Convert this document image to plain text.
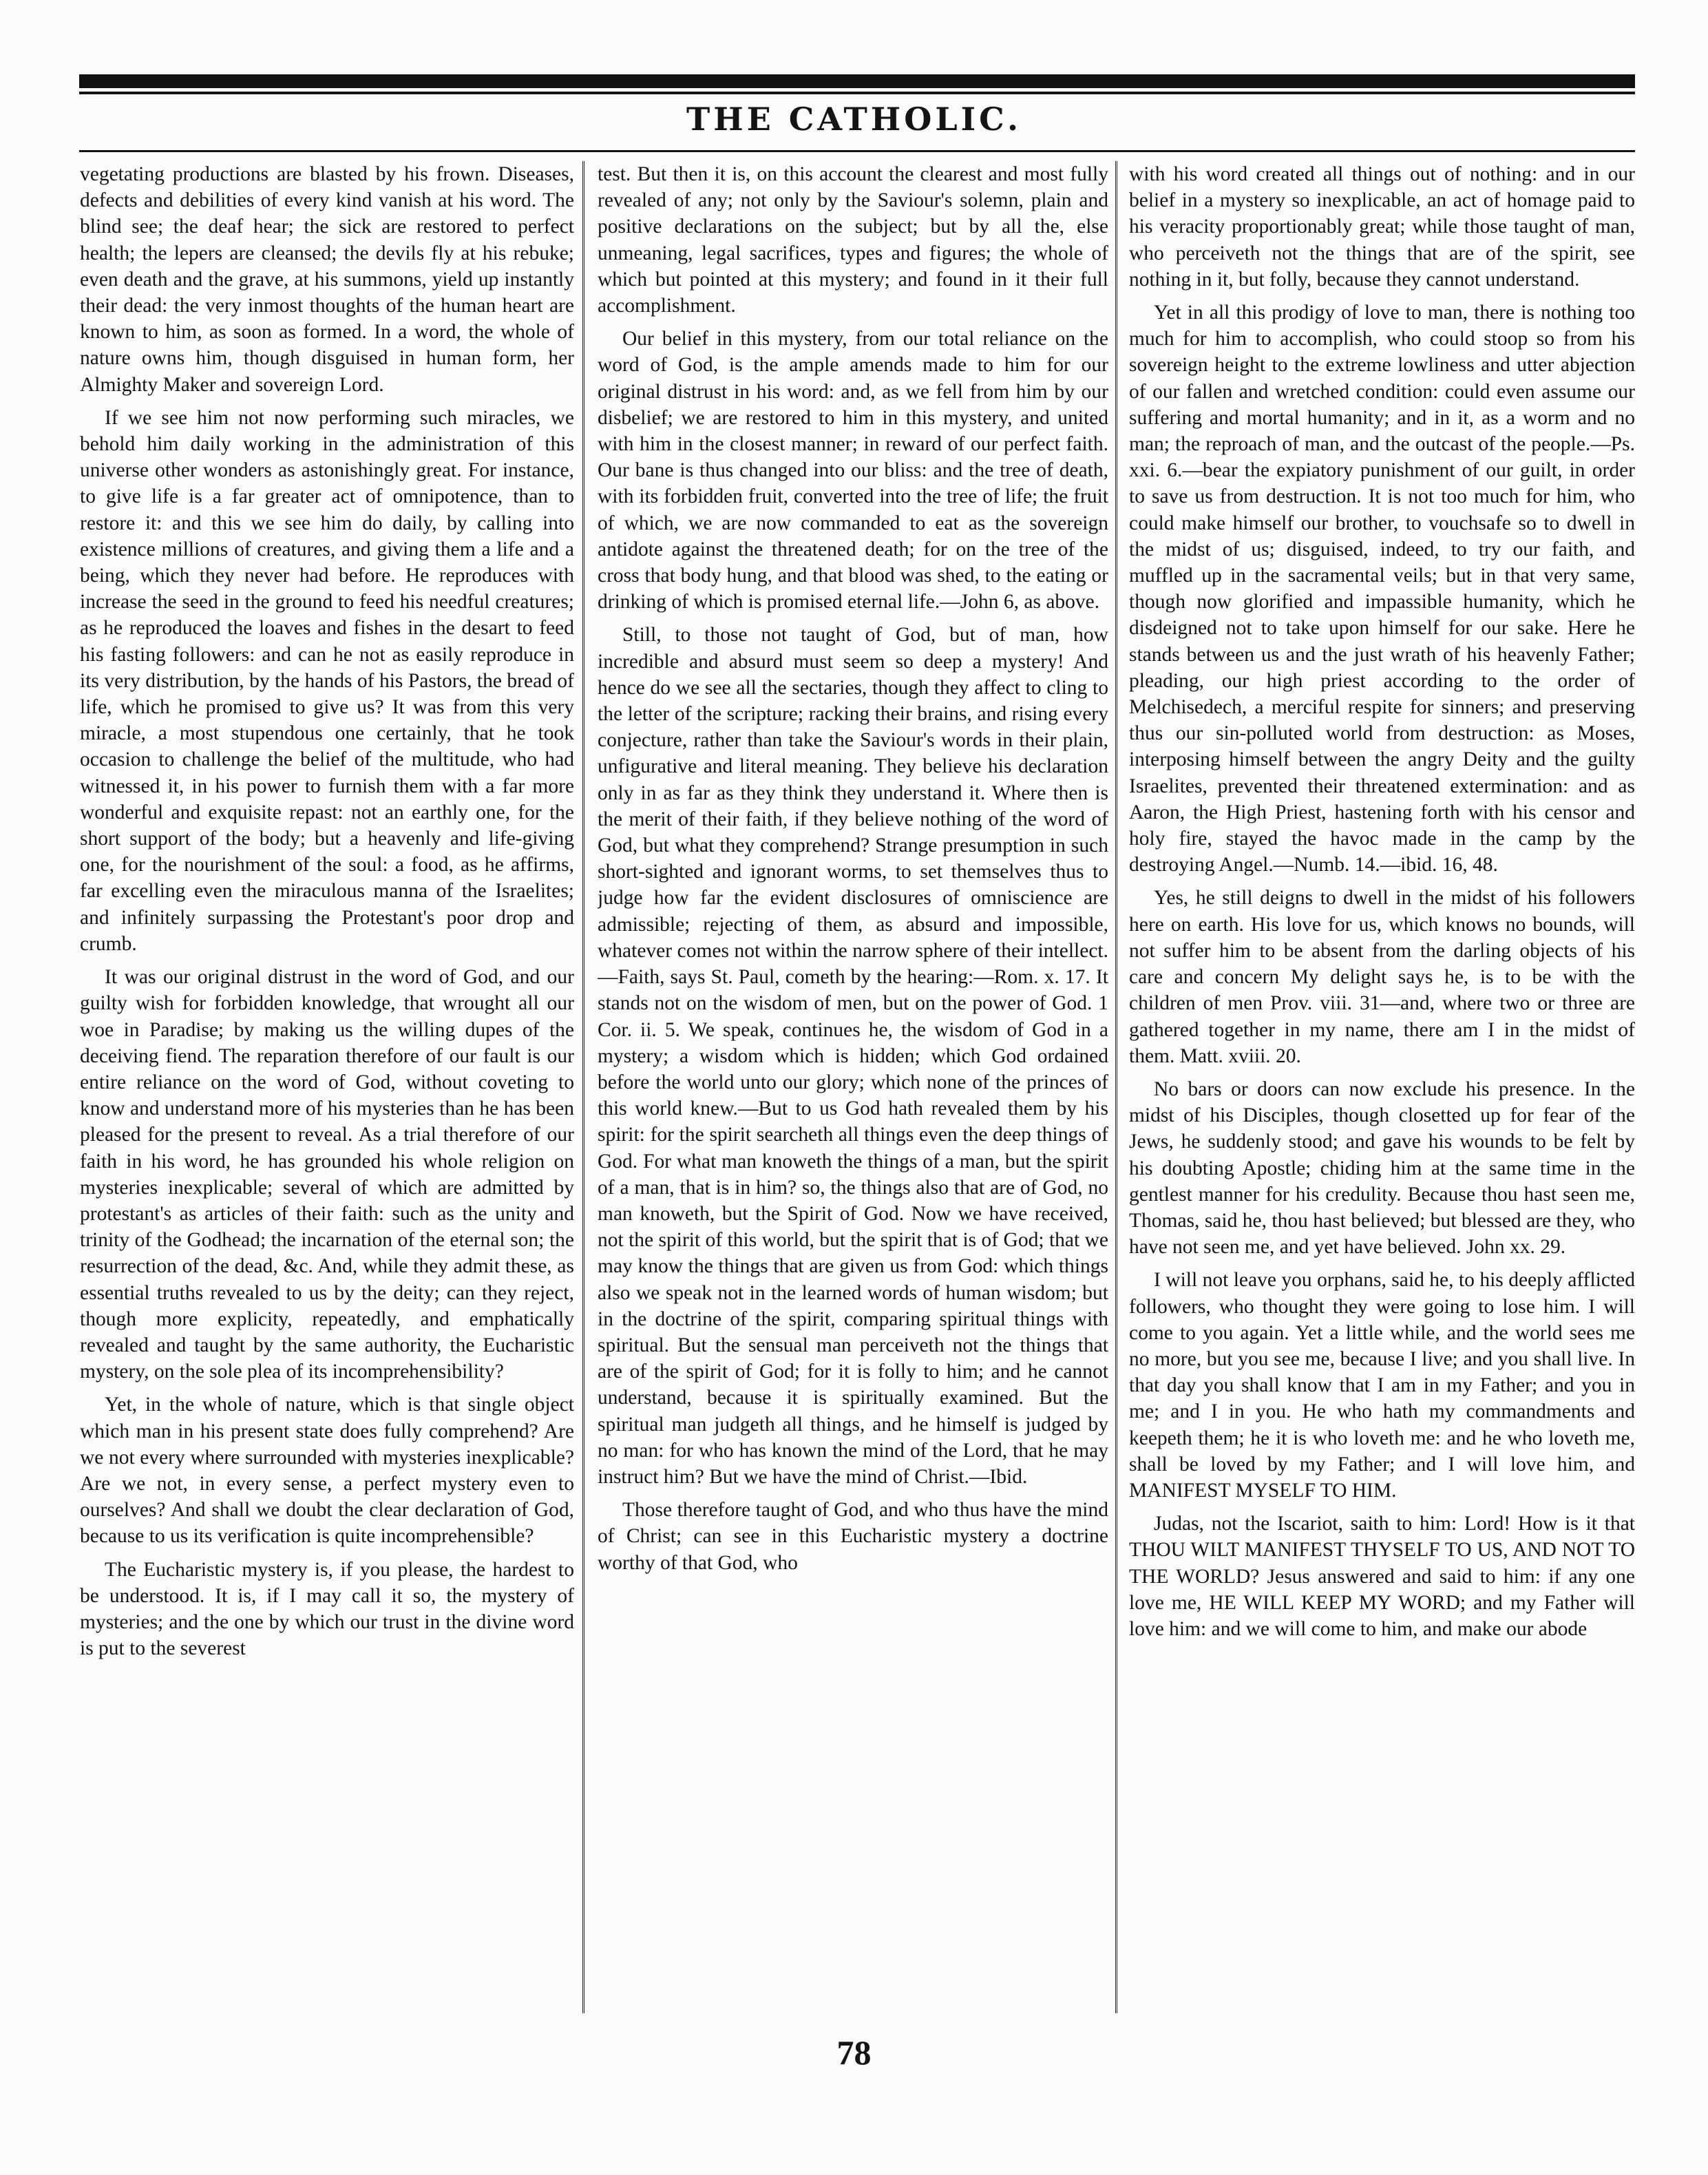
THE CATHOLIC.

vegetating productions are blasted by his frown. Diseases, defects and debilities of every kind vanish at his word. The blind see; the deaf hear; the sick are restored to perfect health; the lepers are cleansed; the devils fly at his rebuke; even death and the grave, at his summons, yield up instantly their dead: the very inmost thoughts of the human heart are known to him, as soon as formed. In a word, the whole of nature owns him, though disguised in human form, her Almighty Maker and sovereign Lord.

If we see him not now performing such miracles, we behold him daily working in the administration of this universe other wonders as astonishingly great. For instance, to give life is a far greater act of omnipotence, than to restore it: and this we see him do daily, by calling into existence millions of creatures, and giving them a life and a being, which they never had before. He reproduces with increase the seed in the ground to feed his needful creatures; as he reproduced the loaves and fishes in the desart to feed his fasting followers: and can he not as easily reproduce in its very distribution, by the hands of his Pastors, the bread of life, which he promised to give us? It was from this very miracle, a most stupendous one certainly, that he took occasion to challenge the belief of the multitude, who had witnessed it, in his power to furnish them with a far more wonderful and exquisite repast: not an earthly one, for the short support of the body; but a heavenly and life-giving one, for the nourishment of the soul: a food, as he affirms, far excelling even the miraculous manna of the Israelites; and infinitely surpassing the Protestant's poor drop and crumb.

It was our original distrust in the word of God, and our guilty wish for forbidden knowledge, that wrought all our woe in Paradise; by making us the willing dupes of the deceiving fiend. The reparation therefore of our fault is our entire reliance on the word of God, without coveting to know and understand more of his mysteries than he has been pleased for the present to reveal. As a trial therefore of our faith in his word, he has grounded his whole religion on mysteries inexplicable; several of which are admitted by protestant's as articles of their faith: such as the unity and trinity of the Godhead; the incarnation of the eternal son; the resurrection of the dead, &c. And, while they admit these, as essential truths revealed to us by the deity; can they reject, though more explicity, repeatedly, and emphatically revealed and taught by the same authority, the Eucharistic mystery, on the sole plea of its incomprehensibility?

Yet, in the whole of nature, which is that single object which man in his present state does fully comprehend? Are we not every where surrounded with mysteries inexplicable? Are we not, in every sense, a perfect mystery even to ourselves? And shall we doubt the clear declaration of God, because to us its verification is quite incomprehensible?

The Eucharistic mystery is, if you please, the hardest to be understood. It is, if I may call it so, the mystery of mysteries; and the one by which our trust in the divine word is put to the severest

test. But then it is, on this account the clearest and most fully revealed of any; not only by the Saviour's solemn, plain and positive declarations on the subject; but by all the, else unmeaning, legal sacrifices, types and figures; the whole of which but pointed at this mystery; and found in it their full accomplishment.

Our belief in this mystery, from our total reliance on the word of God, is the ample amends made to him for our original distrust in his word: and, as we fell from him by our disbelief; we are restored to him in this mystery, and united with him in the closest manner; in reward of our perfect faith. Our bane is thus changed into our bliss: and the tree of death, with its forbidden fruit, converted into the tree of life; the fruit of which, we are now commanded to eat as the sovereign antidote against the threatened death; for on the tree of the cross that body hung, and that blood was shed, to the eating or drinking of which is promised eternal life.—John 6, as above.

Still, to those not taught of God, but of man, how incredible and absurd must seem so deep a mystery! And hence do we see all the sectaries, though they affect to cling to the letter of the scripture; racking their brains, and rising every conjecture, rather than take the Saviour's words in their plain, unfigurative and literal meaning. They believe his declaration only in as far as they think they understand it. Where then is the merit of their faith, if they believe nothing of the word of God, but what they comprehend? Strange presumption in such short-sighted and ignorant worms, to set themselves thus to judge how far the evident disclosures of omniscience are admissible; rejecting of them, as absurd and impossible, whatever comes not within the narrow sphere of their intellect.—Faith, says St. Paul, cometh by the hearing:—Rom. x. 17. It stands not on the wisdom of men, but on the power of God. 1 Cor. ii. 5. We speak, continues he, the wisdom of God in a mystery; a wisdom which is hidden; which God ordained before the world unto our glory; which none of the princes of this world knew.—But to us God hath revealed them by his spirit: for the spirit searcheth all things even the deep things of God. For what man knoweth the things of a man, but the spirit of a man, that is in him? so, the things also that are of God, no man knoweth, but the Spirit of God. Now we have received, not the spirit of this world, but the spirit that is of God; that we may know the things that are given us from God: which things also we speak not in the learned words of human wisdom; but in the doctrine of the spirit, comparing spiritual things with spiritual. But the sensual man perceiveth not the things that are of the spirit of God; for it is folly to him; and he cannot understand, because it is spiritually examined. But the spiritual man judgeth all things, and he himself is judged by no man: for who has known the mind of the Lord, that he may instruct him? But we have the mind of Christ.—Ibid.

Those therefore taught of God, and who thus have the mind of Christ; can see in this Eucharistic mystery a doctrine worthy of that God, who

with his word created all things out of nothing: and in our belief in a mystery so inexplicable, an act of homage paid to his veracity proportionably great; while those taught of man, who perceiveth not the things that are of the spirit, see nothing in it, but folly, because they cannot understand.

Yet in all this prodigy of love to man, there is nothing too much for him to accomplish, who could stoop so from his sovereign height to the extreme lowliness and utter abjection of our fallen and wretched condition: could even assume our suffering and mortal humanity; and in it, as a worm and no man; the reproach of man, and the outcast of the people.—Ps. xxi. 6.—bear the expiatory punishment of our guilt, in order to save us from destruction. It is not too much for him, who could make himself our brother, to vouchsafe so to dwell in the midst of us; disguised, indeed, to try our faith, and muffled up in the sacramental veils; but in that very same, though now glorified and impassible humanity, which he disdeigned not to take upon himself for our sake. Here he stands between us and the just wrath of his heavenly Father; pleading, our high priest according to the order of Melchisedech, a merciful respite for sinners; and preserving thus our sin-polluted world from destruction: as Moses, interposing himself between the angry Deity and the guilty Israelites, prevented their threatened extermination: and as Aaron, the High Priest, hastening forth with his censor and holy fire, stayed the havoc made in the camp by the destroying Angel.—Numb. 14.—ibid. 16, 48.

Yes, he still deigns to dwell in the midst of his followers here on earth. His love for us, which knows no bounds, will not suffer him to be absent from the darling objects of his care and concern My delight says he, is to be with the children of men Prov. viii. 31—and, where two or three are gathered together in my name, there am I in the midst of them. Matt. xviii. 20.

No bars or doors can now exclude his presence. In the midst of his Disciples, though closetted up for fear of the Jews, he suddenly stood; and gave his wounds to be felt by his doubting Apostle; chiding him at the same time in the gentlest manner for his credulity. Because thou hast seen me, Thomas, said he, thou hast believed; but blessed are they, who have not seen me, and yet have believed. John xx. 29.

I will not leave you orphans, said he, to his deeply afflicted followers, who thought they were going to lose him. I will come to you again. Yet a little while, and the world sees me no more, but you see me, because I live; and you shall live. In that day you shall know that I am in my Father; and you in me; and I in you. He who hath my commandments and keepeth them; he it is who loveth me: and he who loveth me, shall be loved by my Father; and I will love him, and MANIFEST MYSELF TO HIM.

Judas, not the Iscariot, saith to him: Lord! How is it that THOU WILT MANIFEST THYSELF TO US, AND NOT TO THE WORLD? Jesus answered and said to him: if any one love me, HE WILL KEEP MY WORD; and my Father will love him: and we will come to him, and make our abode

78
